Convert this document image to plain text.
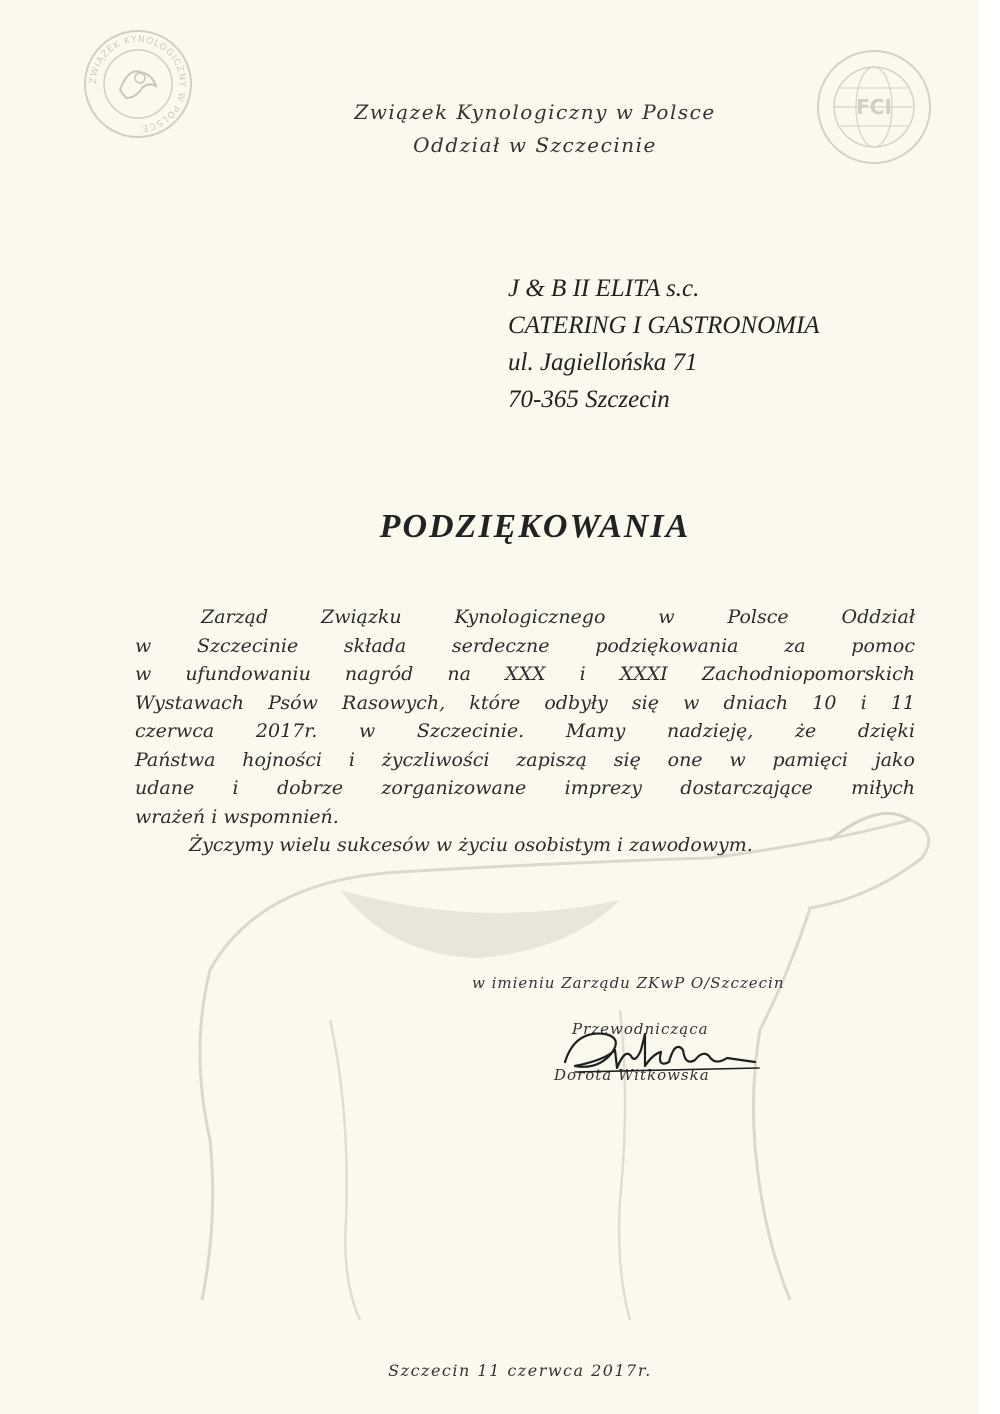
ZWIĄZEK KYNOLOGICZNY W POLSCE
FCI
Związek Kynologiczny w Polsce
Oddział w Szczecinie
J & B II ELITA s.c.
CATERING I GASTRONOMIA
ul. Jagiellońska 71
70-365 Szczecin
PODZIĘKOWANIA
Zarząd Związku Kynologicznego w Polsce Oddział
w Szczecinie składa serdeczne podziękowania za pomoc
w ufundowaniu nagród na XXX i XXXI Zachodniopomorskich
Wystawach Psów Rasowych, które odbyły się w dniach 10 i 11
czerwca 2017r. w Szczecinie. Mamy nadzieję, że dzięki
Państwa hojności i życzliwości zapiszą się one w pamięci jako
udane i dobrze zorganizowane imprezy dostarczające miłych
wrażeń i wspomnień.
Życzymy wielu sukcesów w życiu osobistym i zawodowym.
w imieniu Zarządu ZKwP O/Szczecin
Przewodnicząca
Dorota Witkowska
Szczecin 11 czerwca 2017r.
